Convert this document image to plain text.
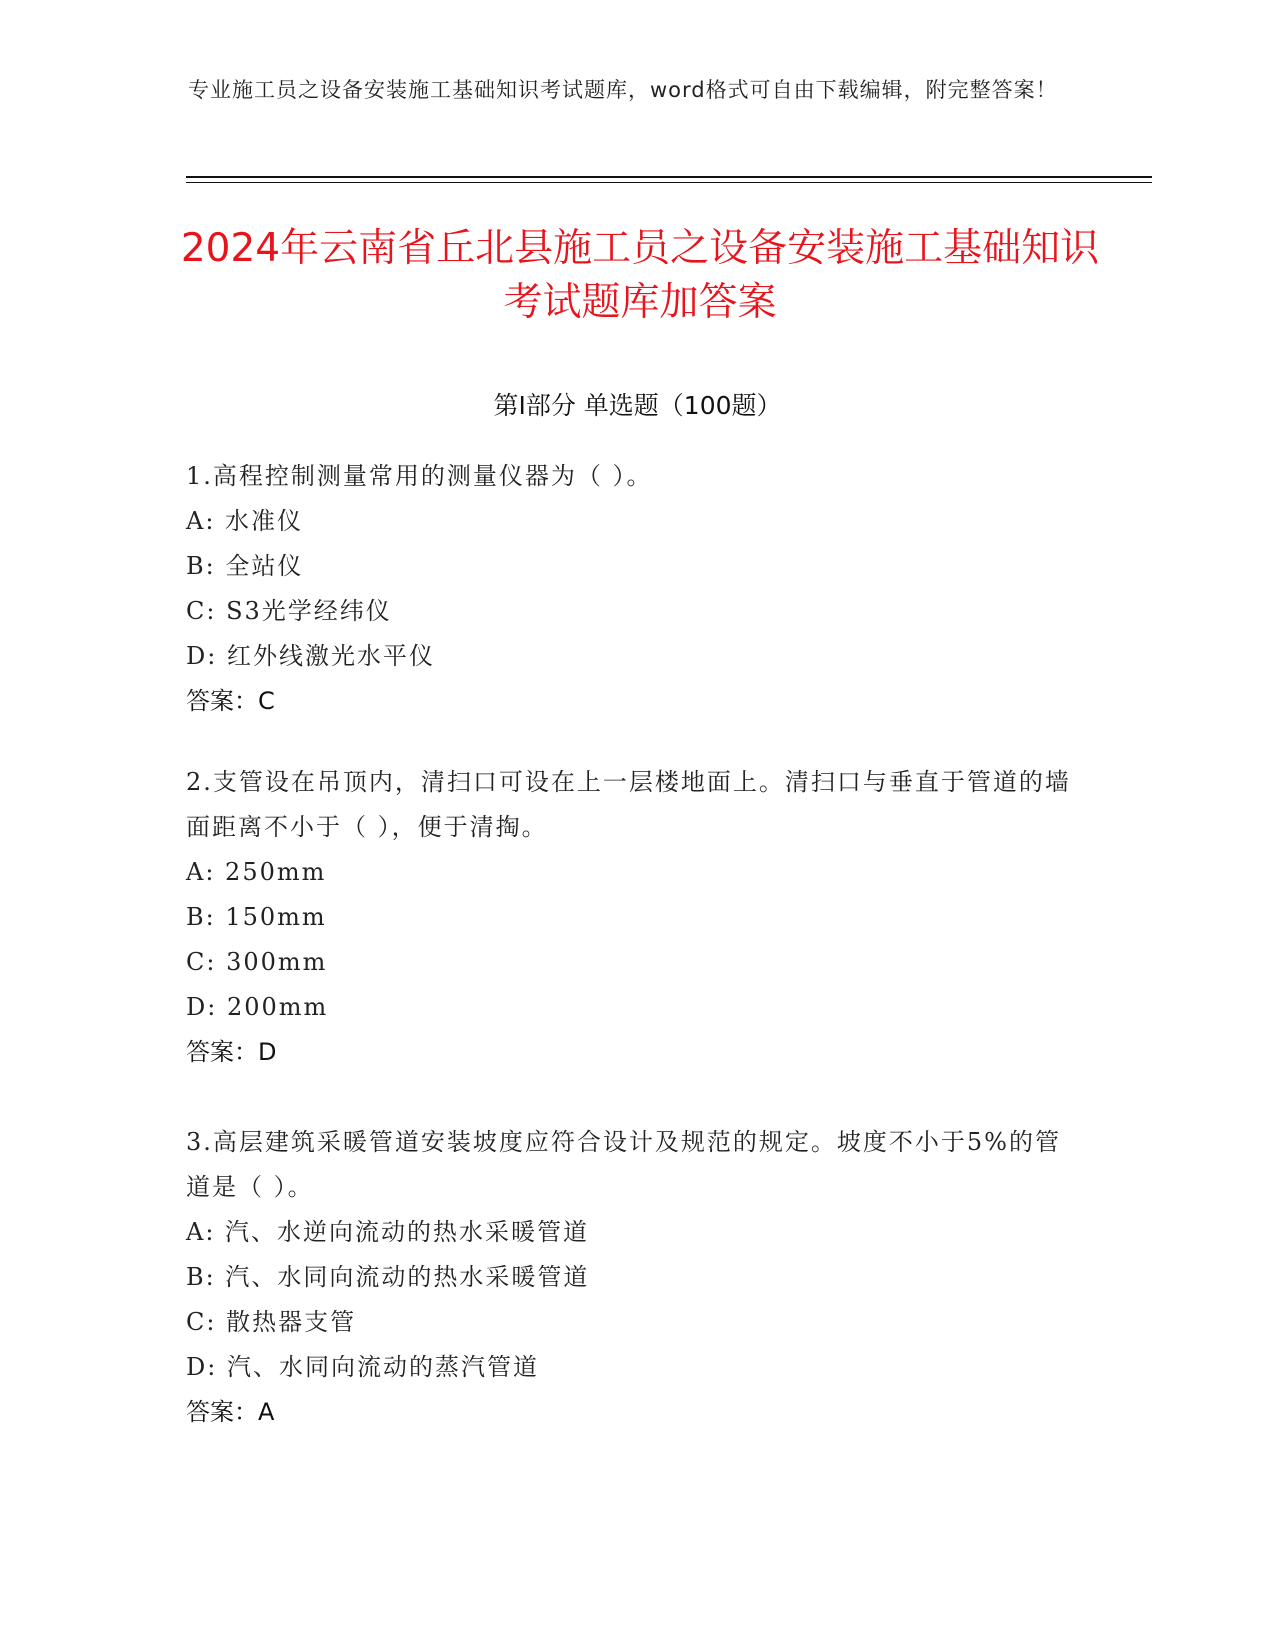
专业施工员之设备安装施工基础知识考试题库，word格式可自由下载编辑，附完整答案！
2024年云南省丘北县施工员之设备安装施工基础知识考试题库加答案
第I部分 单选题（100题）

1.高程控制测量常用的测量仪器为（ ）。

A: 水准仪

B: 全站仪

C: S3光学经纬仪

D: 红外线激光水平仪

答案：C

2.支管设在吊顶内，清扫口可设在上一层楼地面上。清扫口与垂直于管道的墙面距离不小于（ ），便于清掏。

A: 250mm

B: 150mm

C: 300mm

D: 200mm

答案：D

3.高层建筑采暖管道安装坡度应符合设计及规范的规定。坡度不小于5%的管道是（ ）。

A: 汽、水逆向流动的热水采暖管道

B: 汽、水同向流动的热水采暖管道

C: 散热器支管

D: 汽、水同向流动的蒸汽管道

答案：A
